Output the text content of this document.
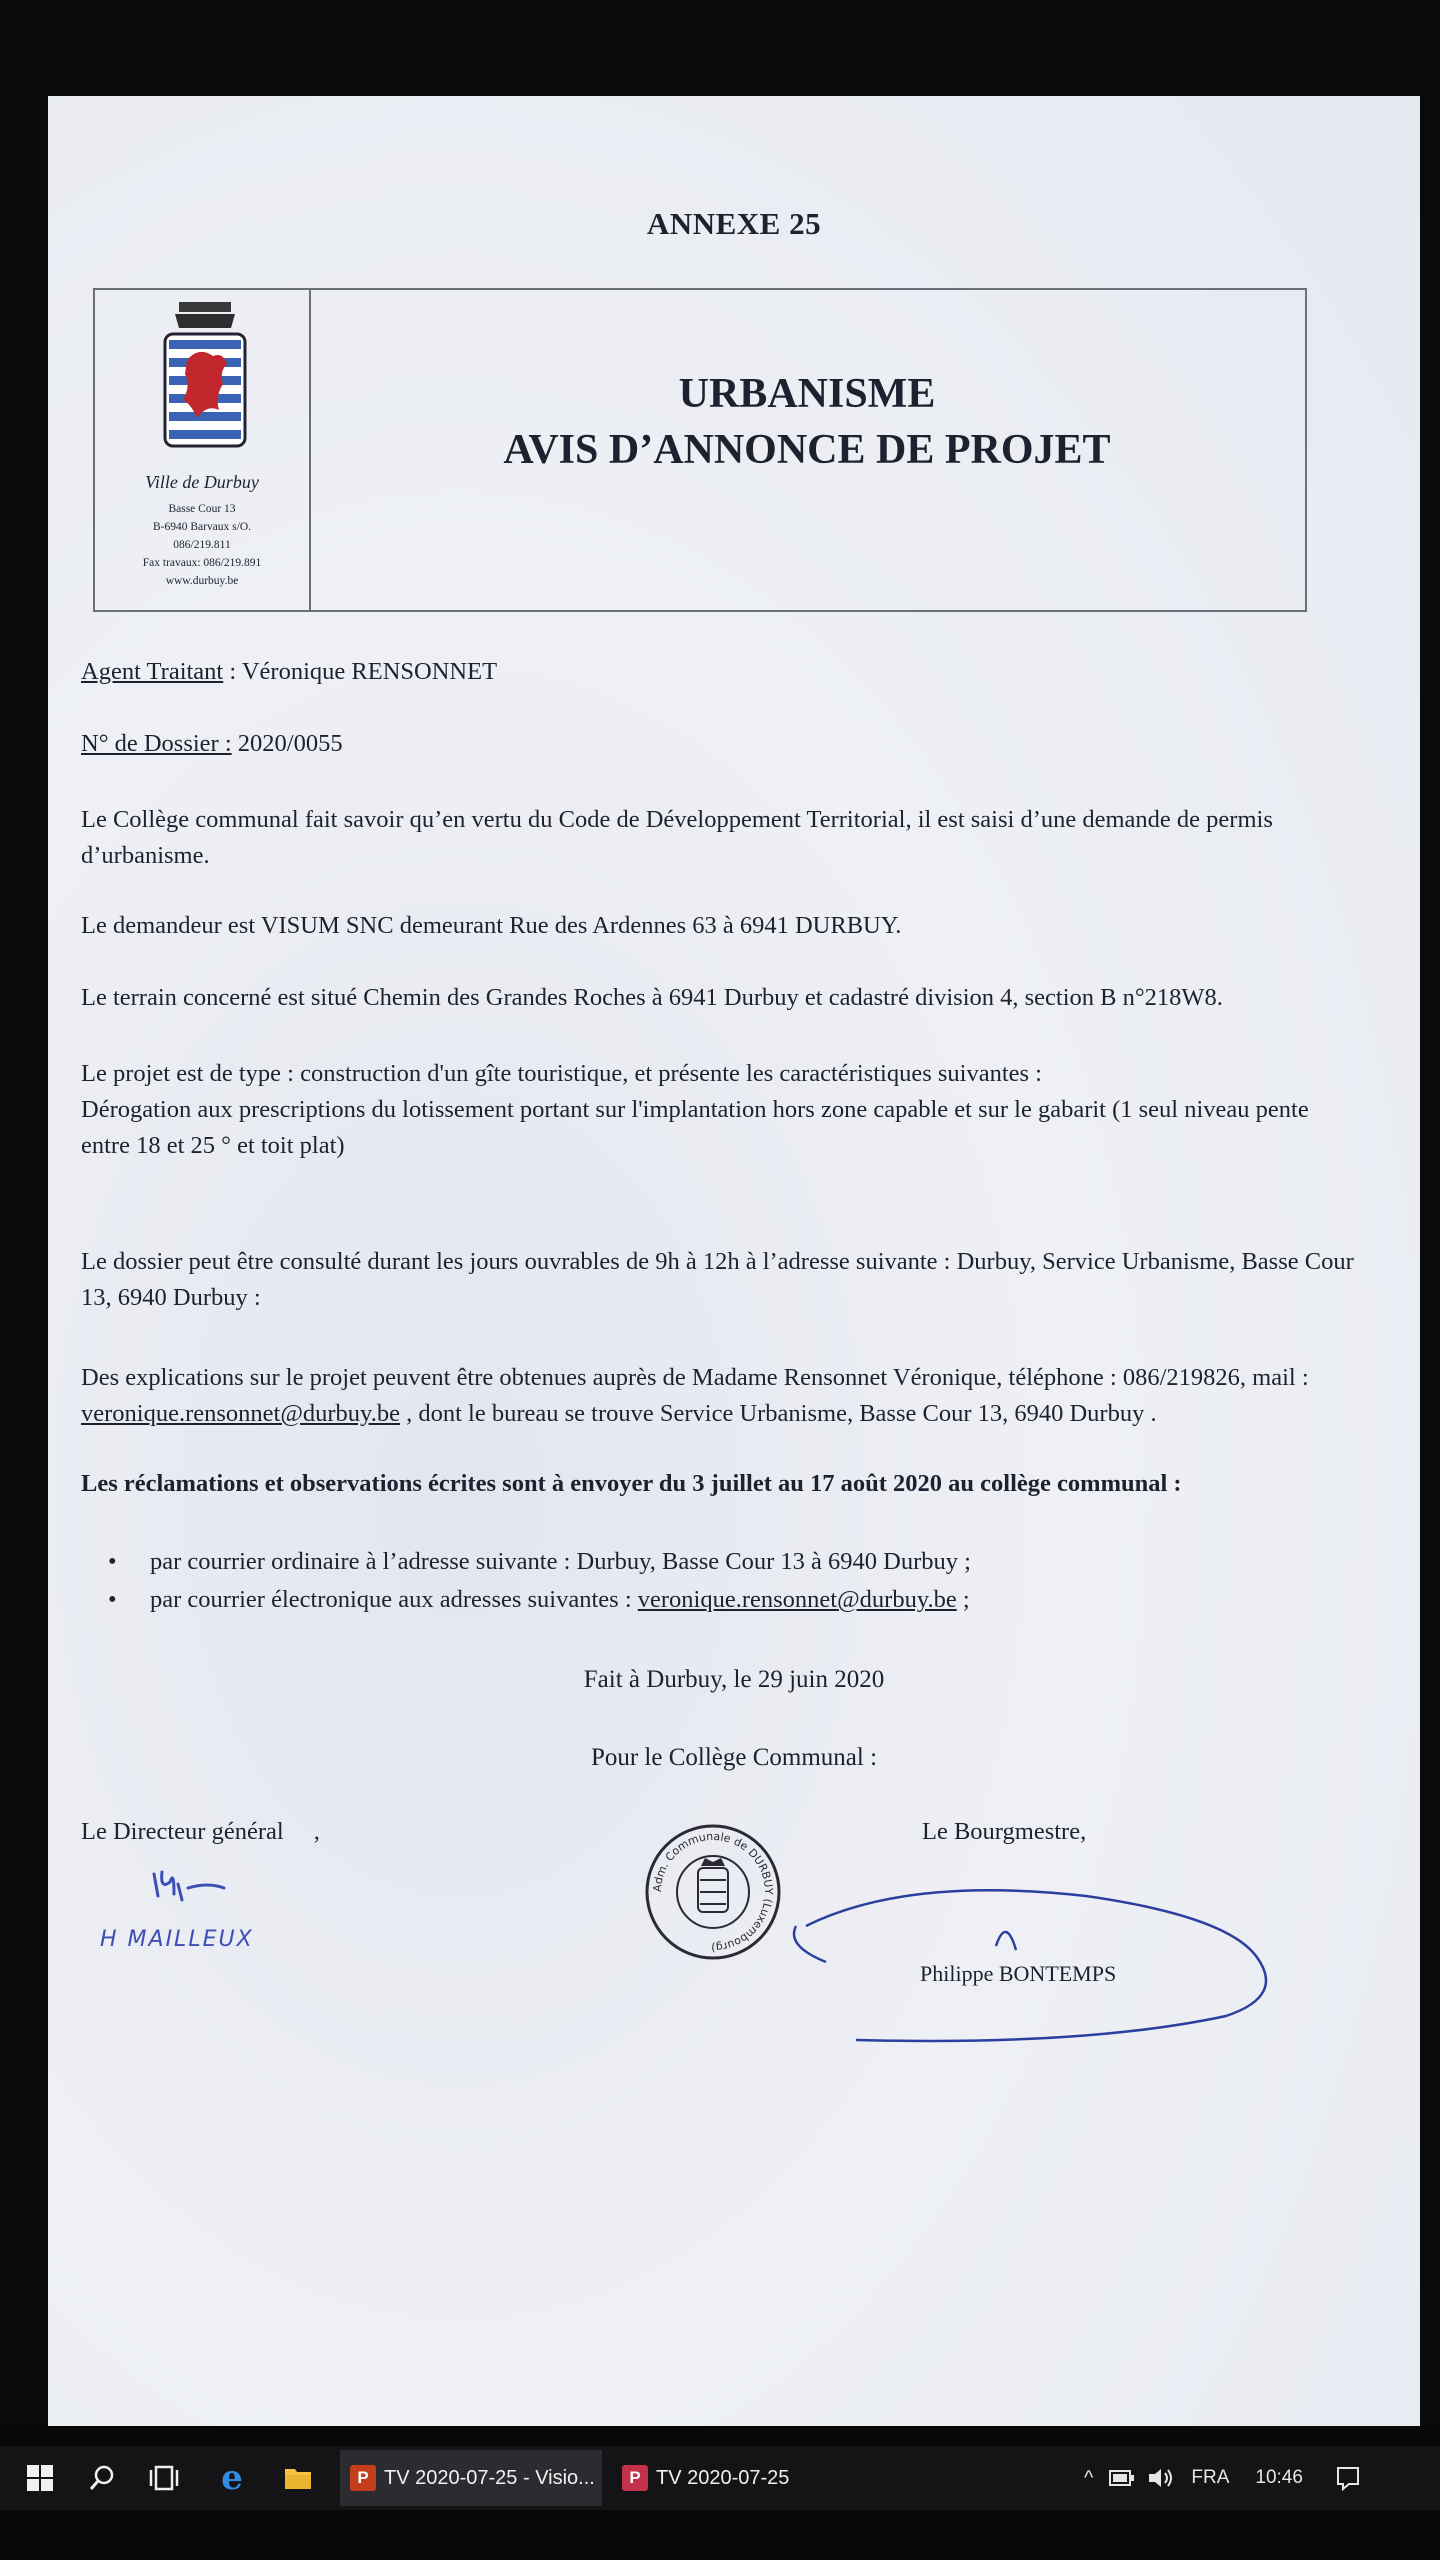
ANNEXE 25
Ville de Durbuy
Basse Cour 13
B-6940 Barvaux s/O.
086/219.811
Fax travaux: 086/219.891
www.durbuy.be
URBANISME
AVIS D’ANNONCE DE PROJET
Agent Traitant : Véronique RENSONNET
N° de Dossier : 2020/0055
Le Collège communal fait savoir qu’en vertu du Code de Développement Territorial, il est saisi d’une demande de permis d’urbanisme.
Le demandeur est VISUM SNC demeurant Rue des Ardennes 63 à 6941 DURBUY.
Le terrain concerné est situé Chemin des Grandes Roches à 6941 Durbuy et cadastré division 4, section B n°218W8.
Le projet est de type : construction d'un gîte touristique, et présente les caractéristiques suivantes :
Dérogation aux prescriptions du lotissement portant sur l'implantation hors zone capable et sur le gabarit (1 seul niveau pente entre 18 et 25 ° et toit plat)
Le dossier peut être consulté durant les jours ouvrables de 9h à 12h à l’adresse suivante : Durbuy, Service Urbanisme, Basse Cour 13, 6940 Durbuy :
Des explications sur le projet peuvent être obtenues auprès de Madame Rensonnet Véronique, téléphone : 086/219826, mail : veronique.rensonnet@durbuy.be , dont le bureau se trouve Service Urbanisme, Basse Cour 13, 6940 Durbuy .
Les réclamations et observations écrites sont à envoyer du 3 juillet au 17 août 2020 au collège communal :
• par courrier ordinaire à l’adresse suivante : Durbuy, Basse Cour 13 à 6940 Durbuy ;
• par courrier électronique aux adresses suivantes : veronique.rensonnet@durbuy.be ;
Fait à Durbuy, le 29 juin 2020
Pour le Collège Communal :
Le Directeur général ,	Le Bourgmestre,
H MAILLEUX
Adm. Communale de DURBUY (Luxembourg)
Philippe BONTEMPS
e	P TV 2020-07-25 - Visio...	P TV 2020-07-25	^	FRA 10:46
